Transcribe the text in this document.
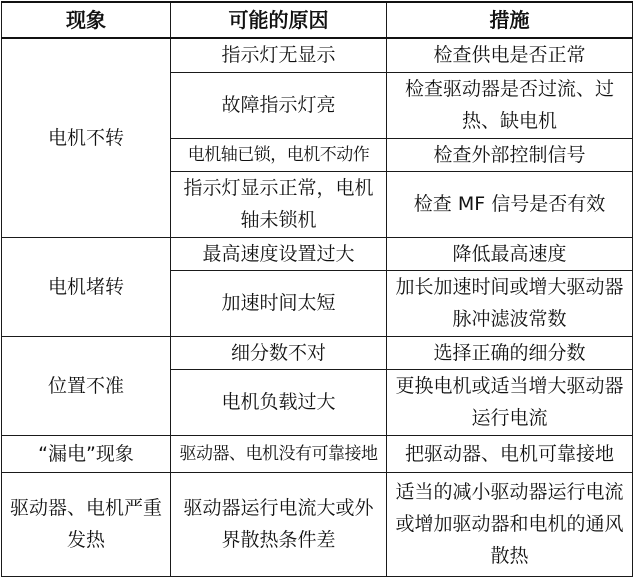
现象	可能的原因	措施
电机不转	指示灯无显示	检查供电是否正常
	故障指示灯亮	检查驱动器是否过流、过热、缺电机
	电机轴已锁，电机不动作	检查外部控制信号
	指示灯显示正常，电机轴未锁机	检查 MF 信号是否有效
电机堵转	最高速度设置过大	降低最高速度
	加速时间太短	加长加速时间或增大驱动器脉冲滤波常数
位置不准	细分数不对	选择正确的细分数
	电机负载过大	更换电机或适当增大驱动器运行电流
“漏电”现象	驱动器、电机没有可靠接地	把驱动器、电机可靠接地
驱动器、电机严重发热	驱动器运行电流大或外界散热条件差	适当的减小驱动器运行电流或增加驱动器和电机的通风散热
